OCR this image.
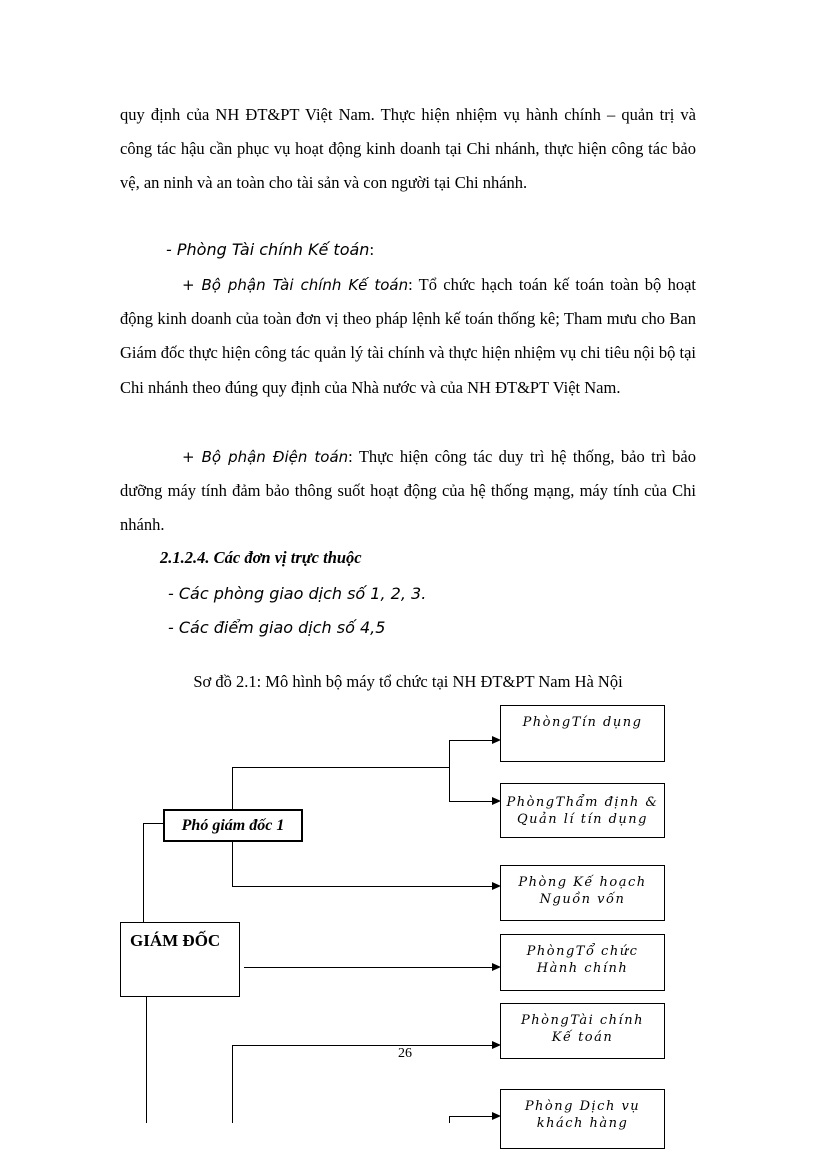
quy định của NH ĐT&PT Việt Nam. Thực hiện nhiệm vụ hành chính – quản trị và công tác hậu cần phục vụ hoạt động kinh doanh tại Chi nhánh, thực hiện công tác bảo vệ, an ninh và an toàn cho tài sản và con người tại Chi nhánh.

- Phòng Tài chính Kế toán:

+ Bộ phận Tài chính Kế toán: Tổ chức hạch toán kế toán toàn bộ hoạt động kinh doanh của toàn đơn vị theo pháp lệnh kế toán thống kê; Tham mưu cho Ban Giám đốc thực hiện công tác quản lý tài chính và thực hiện nhiệm vụ chi tiêu nội bộ tại Chi nhánh theo đúng quy định của Nhà nước và của NH ĐT&PT Việt Nam.

+ Bộ phận Điện toán: Thực hiện công tác duy trì hệ thống, bảo trì bảo dưỡng máy tính đảm bảo thông suốt hoạt động của hệ thống mạng, máy tính của Chi nhánh.

2.1.2.4. Các đơn vị trực thuộc
- Các phòng giao dịch số 1, 2, 3.
- Các điểm giao dịch số 4,5
Sơ đồ 2.1: Mô hình bộ máy tổ chức tại NH ĐT&PT Nam Hà Nội
GIÁM ĐỐC
Phó giám đốc 1
PhòngTín dụng
PhòngThẩm định &
Quản lí tín dụng
Phòng Kế hoạch
Nguồn vốn
PhòngTổ chức
Hành chính
PhòngTài chính
Kế toán
Phòng Dịch vụ
khách hàng
26
